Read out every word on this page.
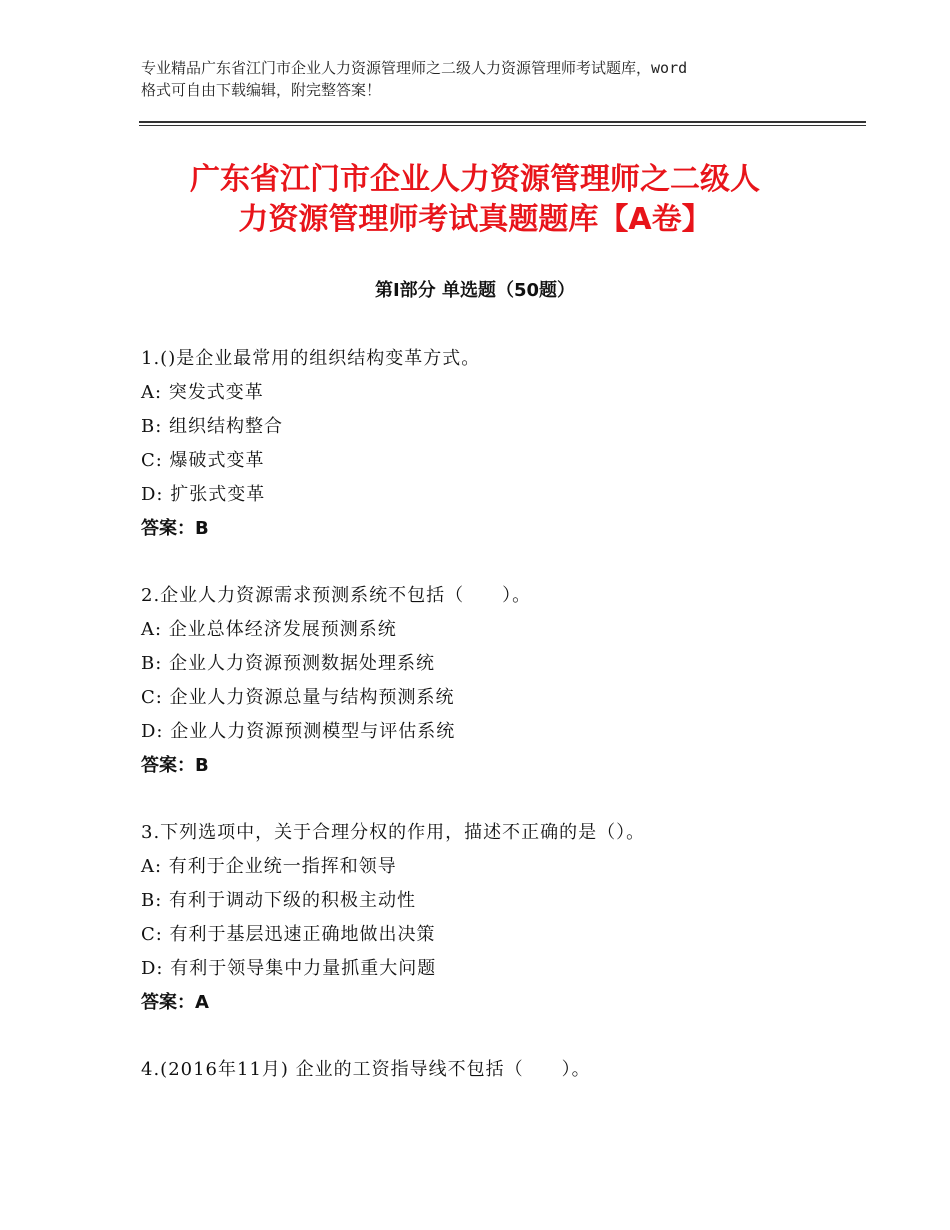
专业精品广东省江门市企业人力资源管理师之二级人力资源管理师考试题库，word
格式可自由下载编辑，附完整答案！
广东省江门市企业人力资源管理师之二级人
力资源管理师考试真题题库【A卷】
第Ⅰ部分 单选题（50题）
1.()是企业最常用的组织结构变革方式。
A: 突发式变革
B: 组织结构整合
C: 爆破式变革
D: 扩张式变革
答案：B
2.企业人力资源需求预测系统不包括（　　）。
A: 企业总体经济发展预测系统
B: 企业人力资源预测数据处理系统
C: 企业人力资源总量与结构预测系统
D: 企业人力资源预测模型与评估系统
答案：B
3.下列选项中，关于合理分权的作用，描述不正确的是（）。
A: 有利于企业统一指挥和领导
B: 有利于调动下级的积极主动性
C: 有利于基层迅速正确地做出决策
D: 有利于领导集中力量抓重大问题
答案：A
4.(2016年11月) 企业的工资指导线不包括（　　）。
